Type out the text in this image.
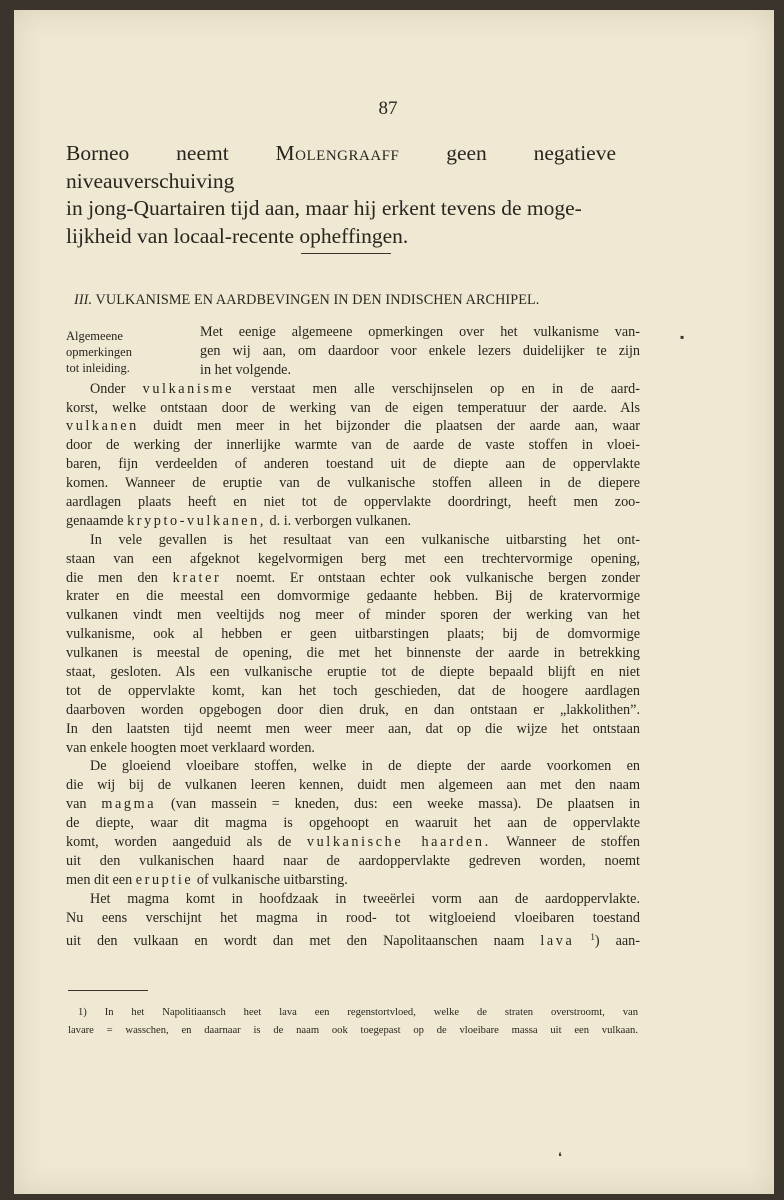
87

Borneo neemt Molengraaff geen negatieve niveauverschuiving

in jong-Quartairen tijd aan, maar hij erkent tevens de moge-

lijkheid van locaal-recente opheffingen.

III. VULKANISME EN AARDBEVINGEN IN DEN INDISCHEN ARCHIPEL.
Algemeene
opmerkingen
tot inleiding.
Met eenige algemeene opmerkingen over het vulkanisme van-
gen wij aan, om daardoor voor enkele lezers duidelijker te zijn
in het volgende.
Onder vulkanisme verstaat men alle verschijnselen op en in de aard-
korst, welke ontstaan door de werking van de eigen temperatuur der aarde. Als
vulkanen duidt men meer in het bijzonder die plaatsen der aarde aan, waar
door de werking der innerlijke warmte van de aarde de vaste stoffen in vloei-
baren, fijn verdeelden of anderen toestand uit de diepte aan de oppervlakte
komen. Wanneer de eruptie van de vulkanische stoffen alleen in de diepere
aardlagen plaats heeft en niet tot de oppervlakte doordringt, heeft men zoo-
genaamde krypto-vulkanen, d. i. verborgen vulkanen.
In vele gevallen is het resultaat van een vulkanische uitbarsting het ont-
staan van een afgeknot kegelvormigen berg met een trechtervormige opening,
die men den krater noemt. Er ontstaan echter ook vulkanische bergen zonder
krater en die meestal een domvormige gedaante hebben. Bij de kratervormige
vulkanen vindt men veeltijds nog meer of minder sporen der werking van het
vulkanisme, ook al hebben er geen uitbarstingen plaats; bij de domvormige
vulkanen is meestal de opening, die met het binnenste der aarde in betrekking
staat, gesloten. Als een vulkanische eruptie tot de diepte bepaald blijft en niet
tot de oppervlakte komt, kan het toch geschieden, dat de hoogere aardlagen
daarboven worden opgebogen door dien druk, en dan ontstaan er „lakkolithen”.
In den laatsten tijd neemt men weer meer aan, dat op die wijze het ontstaan
van enkele hoogten moet verklaard worden.
De gloeiend vloeibare stoffen, welke in de diepte der aarde voorkomen en
die wij bij de vulkanen leeren kennen, duidt men algemeen aan met den naam
van magma (van massein = kneden, dus: een weeke massa). De plaatsen in
de diepte, waar dit magma is opgehoopt en waaruit het aan de oppervlakte
komt, worden aangeduid als de vulkanische haarden. Wanneer de stoffen
uit den vulkanischen haard naar de aardoppervlakte gedreven worden, noemt
men dit een eruptie of vulkanische uitbarsting.
Het magma komt in hoofdzaak in tweeërlei vorm aan de aardoppervlakte.
Nu eens verschijnt het magma in rood- tot witgloeiend vloeibaren toestand
uit den vulkaan en wordt dan met den Napolitaanschen naam lava $^1$) aan-
1) In het Napolitiaansch heet lava een regenstortvloed, welke de straten overstroomt, van
lavare = wasschen, en daarnaar is de naam ook toegepast op de vloeibare massa uit een vulkaan.
▪
❛
